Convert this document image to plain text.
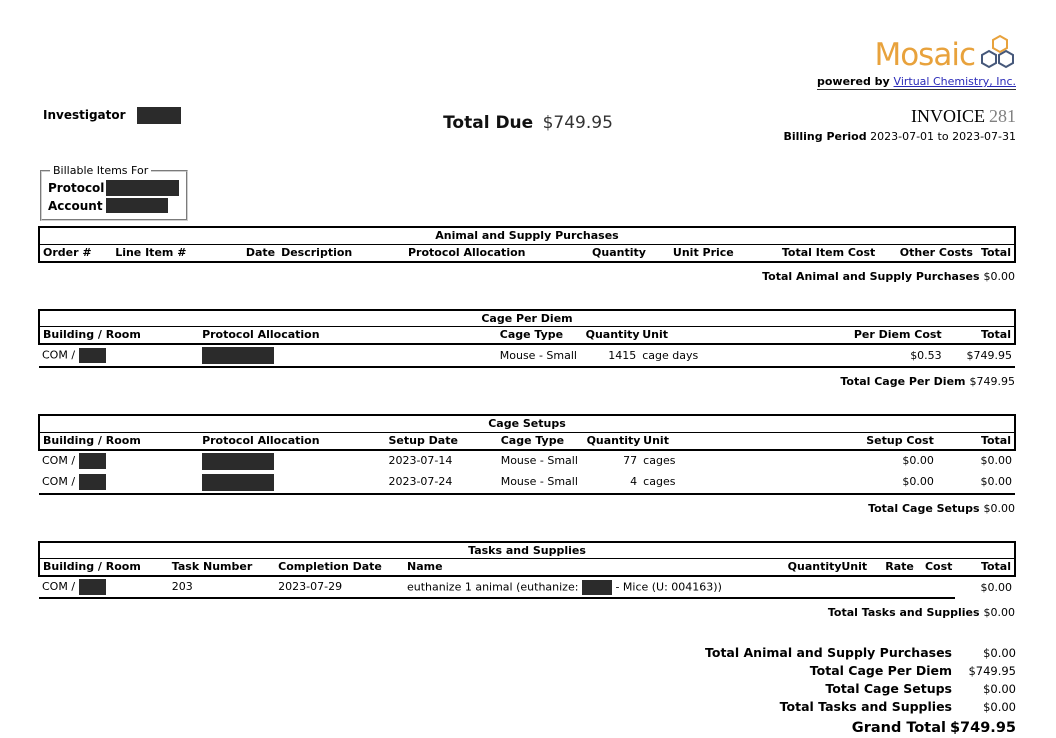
Mosaic
powered by Virtual Chemistry, Inc.
Investigator	Total Due $749.95	INVOICE 281
Billing Period 2023-07-01 to 2023-07-31
Billable Items For
Protocol
Account
Animal and Supply Purchases
Order #	Line Item #	Date	Description	Protocol Allocation	Quantity	Unit Price	Total Item Cost	Other Costs	Total
Total Animal and Supply Purchases $0.00
Cage Per Diem						
Building / Room	Protocol Allocation	Cage Type	Quantity	Unit	Per Diem Cost	Total
COM /		Mouse - Small	1415	cage days	$0.53	$749.95
Total Cage Per Diem $749.95
Cage Setups							
Building / Room	Protocol Allocation	Setup Date	Cage Type	Quantity	Unit	Setup Cost	Total
COM /		2023-07-14	Mouse - Small	77	cages	$0.00	$0.00
COM /		2023-07-24	Mouse - Small	4	cages	$0.00	$0.00
Total Cage Setups $0.00
Tasks and Supplies								
Building / Room	Task Number	Completion Date	Name	Quantity	Unit	Rate	Cost	Total
COM /	203	2023-07-29	euthanize 1 animal (euthanize: - Mice (U: 004163))					$0.00
Total Tasks and Supplies $0.00
Total Animal and Supply Purchases	$0.00
Total Cage Per Diem	$749.95
Total Cage Setups	$0.00
Total Tasks and Supplies	$0.00
Grand Total $749.95
